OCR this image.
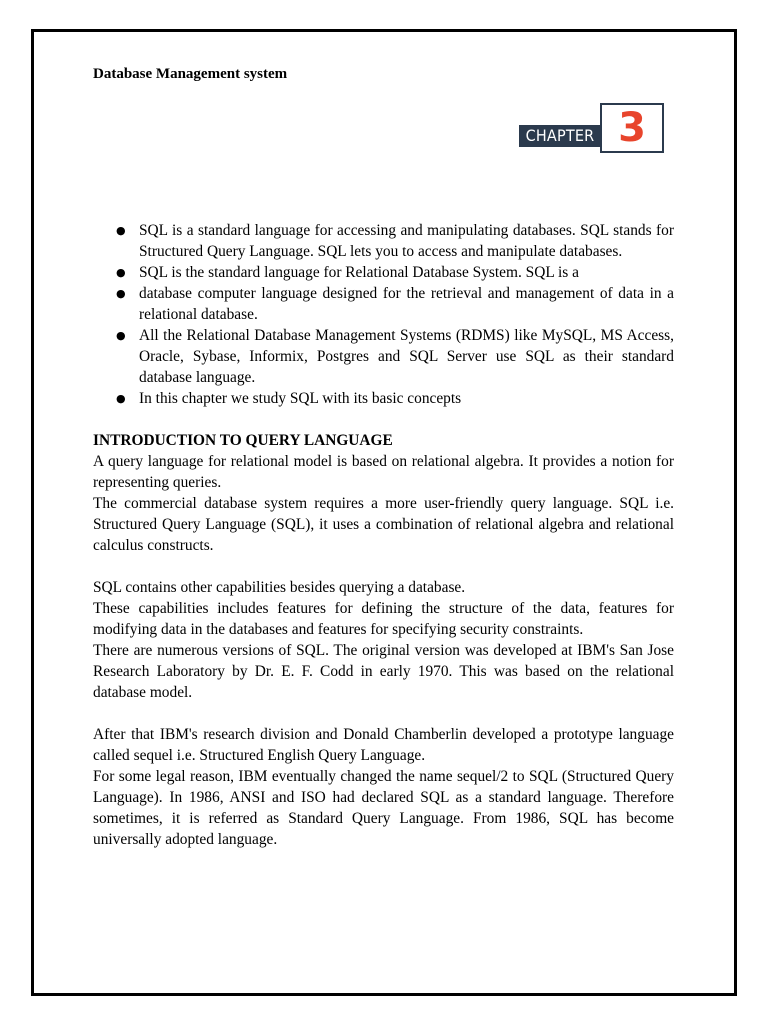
Database Management system
CHAPTER 3
● SQL is a standard language for accessing and manipulating databases. SQL stands for Structured Query Language. SQL lets you to access and manipulate databases.
● SQL is the standard language for Relational Database System. SQL is a
● database computer language designed for the retrieval and management of data in a relational database.
● All the Relational Database Management Systems (RDMS) like MySQL, MS Access, Oracle, Sybase, Informix, Postgres and SQL Server use SQL as their standard database language.
● In this chapter we study SQL with its basic concepts
INTRODUCTION TO QUERY LANGUAGE

A query language for relational model is based on relational algebra. It provides a notion for representing queries.

The commercial database system requires a more user-friendly query language. SQL i.e. Structured Query Language (SQL), it uses a combination of relational algebra and relational calculus constructs.

SQL contains other capabilities besides querying a database.

These capabilities includes features for defining the structure of the data, features for modifying data in the databases and features for specifying security constraints.

There are numerous versions of SQL. The original version was developed at IBM's San Jose Research Laboratory by Dr. E. F. Codd in early 1970. This was based on the relational database model.

After that IBM's research division and Donald Chamberlin developed a prototype language called sequel i.e. Structured English Query Language.

For some legal reason, IBM eventually changed the name sequel/2 to SQL (Structured Query Language). In 1986, ANSI and ISO had declared SQL as a standard language. Therefore sometimes, it is referred as Standard Query Language. From 1986, SQL has become universally adopted language.
